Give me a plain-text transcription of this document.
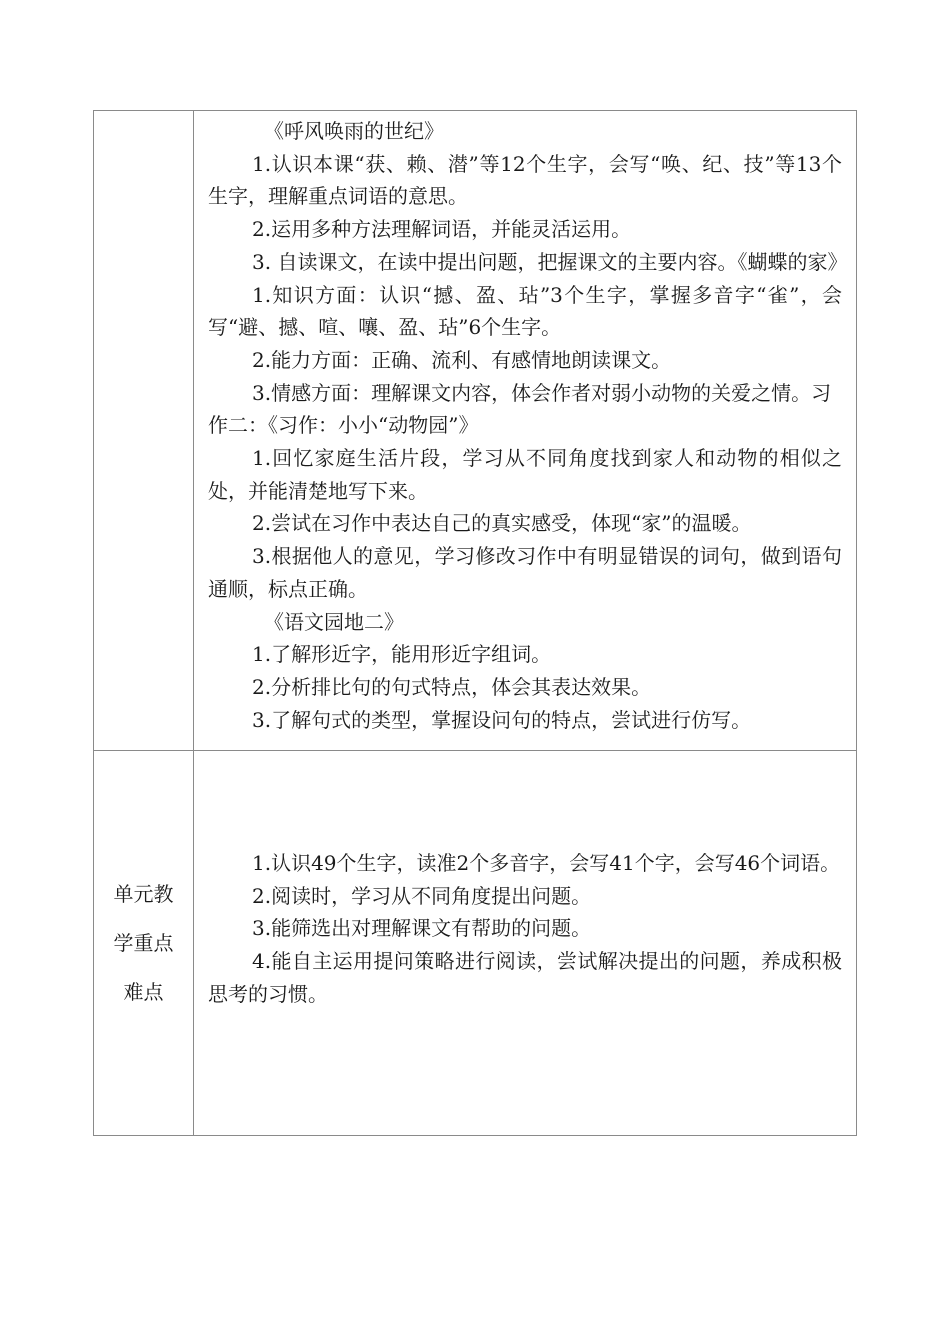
《呼风唤雨的世纪》
1.认识本课“获、赖、潜”等12个生字，会写“唤、纪、技”等13个生字，理解重点词语的意思。
2.运用多种方法理解词语，并能灵活运用。
3. 自读课文，在读中提出问题，把握课文的主要内容。《蝴蝶的家》
1.知识方面：认识“撼、盈、玷”3个生字，掌握多音字“雀”，会写“避、撼、喧、嚷、盈、玷”6个生字。
2.能力方面：正确、流利、有感情地朗读课文。
3.情感方面：理解课文内容，体会作者对弱小动物的关爱之情。习作二：《习作：小小“动物园”》
1.回忆家庭生活片段，学习从不同角度找到家人和动物的相似之处，并能清楚地写下来。
2.尝试在习作中表达自己的真实感受，体现“家”的温暖。
3.根据他人的意见，学习修改习作中有明显错误的词句，做到语句通顺，标点正确。
《语文园地二》
1.了解形近字，能用形近字组词。
2.分析排比句的句式特点，体会其表达效果。
3.了解句式的类型，掌握设问句的特点，尝试进行仿写。
单元教学重点难点
1.认识49个生字，读准2个多音字，会写41个字，会写46个词语。
2.阅读时，学习从不同角度提出问题。
3.能筛选出对理解课文有帮助的问题。
4.能自主运用提问策略进行阅读，尝试解决提出的问题，养成积极思考的习惯。
